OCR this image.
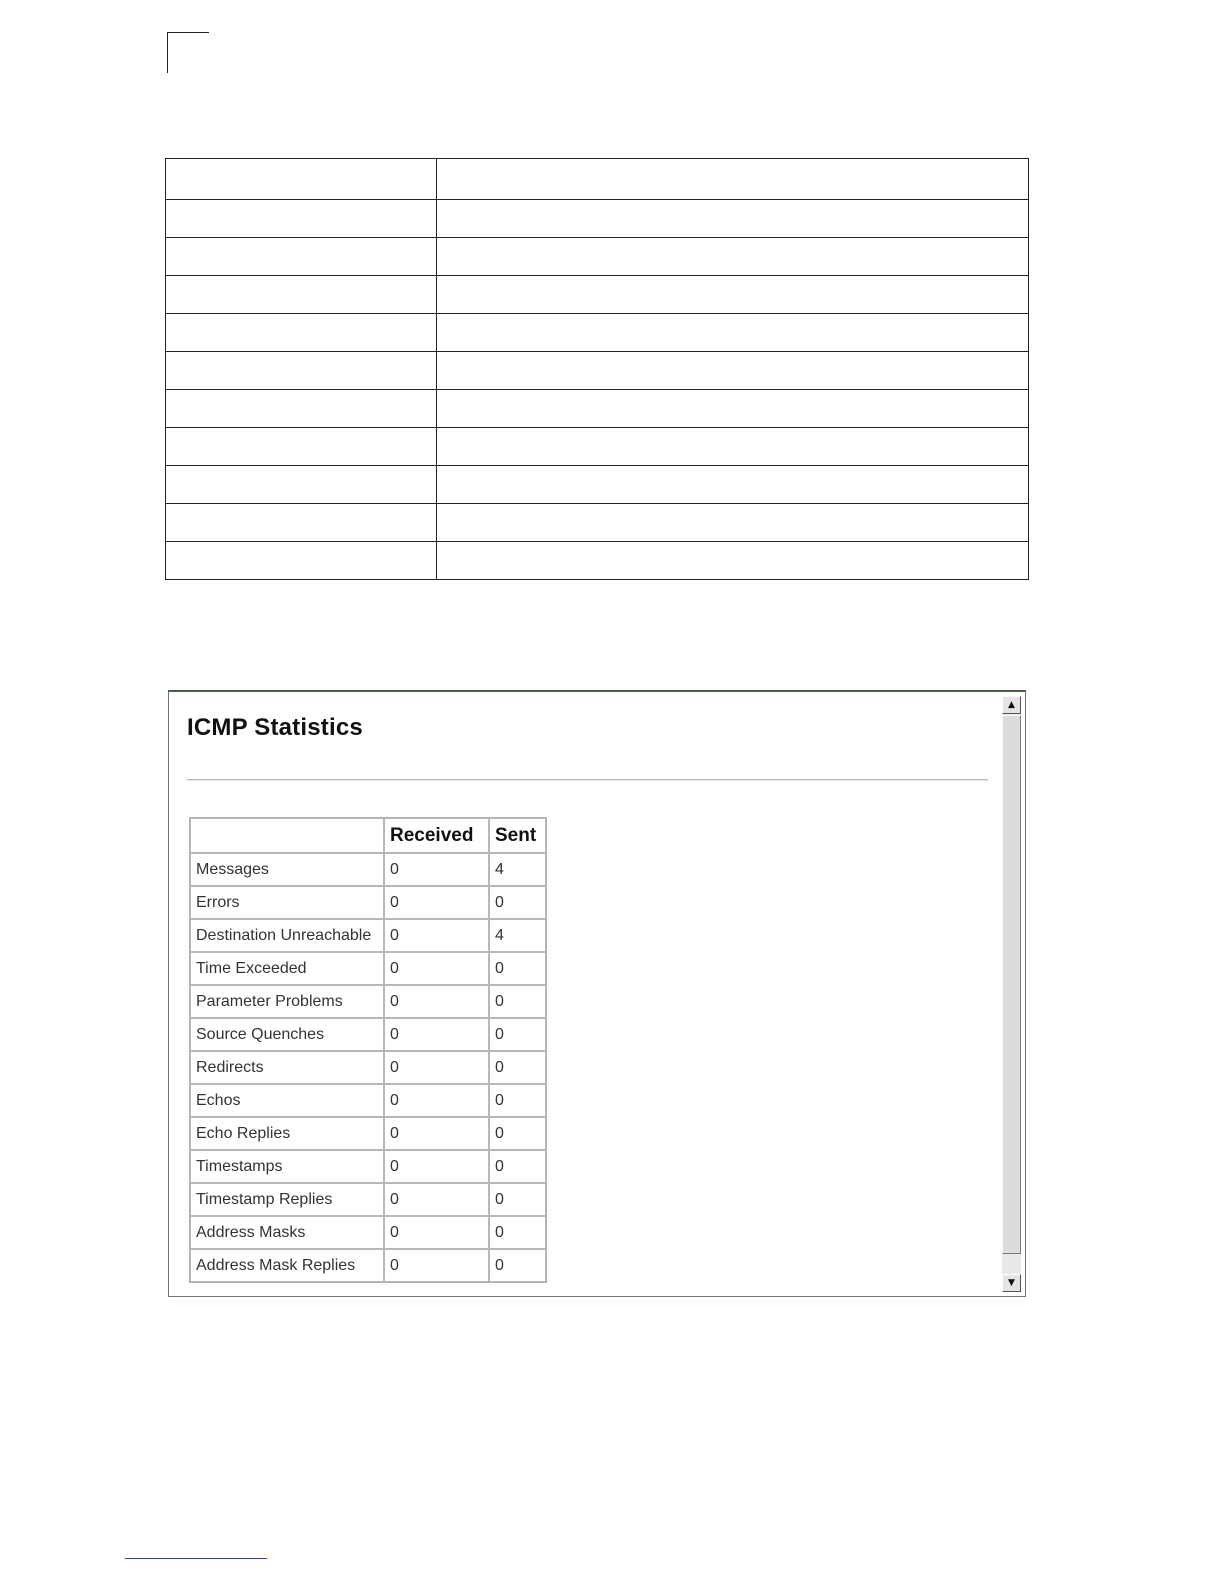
ICMP Statistics
	Received	Sent
Messages	0	4
Errors	0	0
Destination Unreachable	0	4
Time Exceeded	0	0
Parameter Problems	0	0
Source Quenches	0	0
Redirects	0	0
Echos	0	0
Echo Replies	0	0
Timestamps	0	0
Timestamp Replies	0	0
Address Masks	0	0
Address Mask Replies	0	0
▲
▼
